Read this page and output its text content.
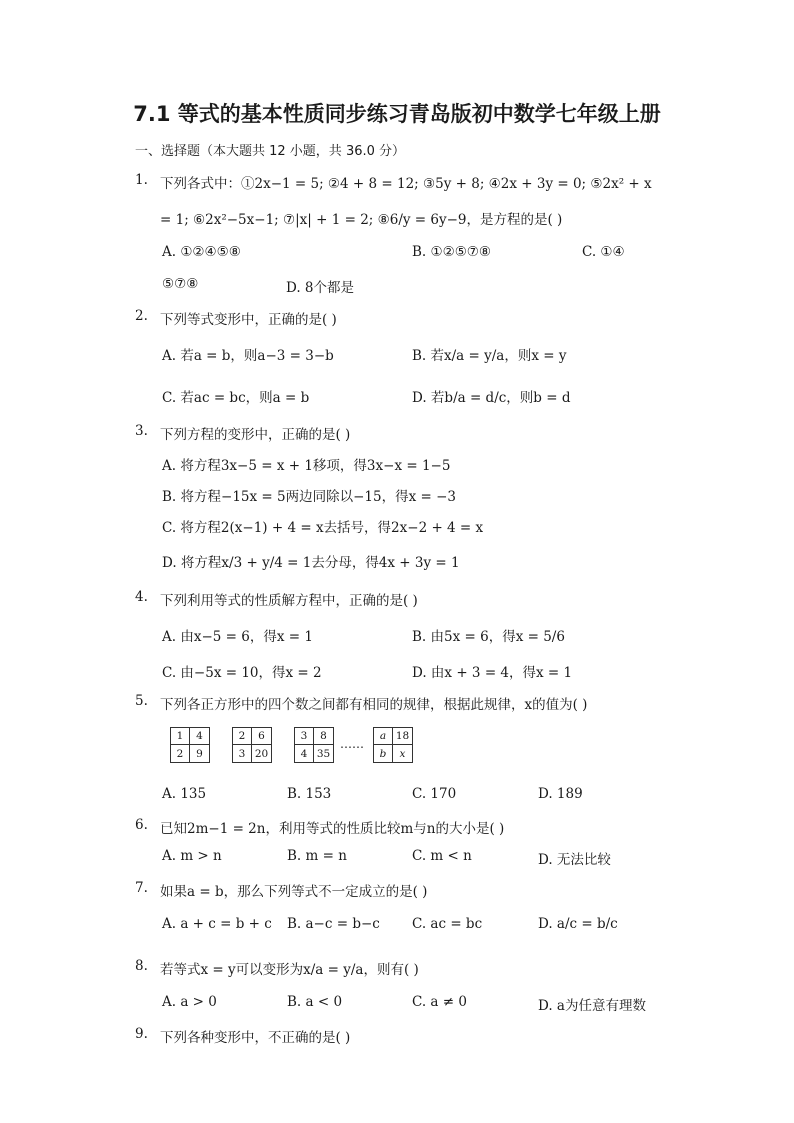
7.1 等式的基本性质同步练习青岛版初中数学七年级上册
一、选择题（本大题共 12 小题，共 36.0 分）
1. 下列各式中：①2x−1 = 5; ②4 + 8 = 12; ③5y + 8; ④2x + 3y = 0; ⑤2x² + x
= 1; ⑥2x²−5x−1; ⑦|x| + 1 = 2; ⑧6/y = 6y−9，是方程的是( )
A. ①②④⑤⑧	B. ①②⑤⑦⑧	C. ①④
⑤⑦⑧	D. 8个都是
2. 下列等式变形中，正确的是( )
A. 若a = b，则a−3 = 3−b	B. 若x/a = y/a，则x = y
C. 若ac = bc，则a = b	D. 若b/a = d/c，则b = d
3. 下列方程的变形中，正确的是( )
A. 将方程3x−5 = x + 1移项，得3x−x = 1−5
B. 将方程−15x = 5两边同除以−15，得x = −3
C. 将方程2(x−1) + 4 = x去括号，得2x−2 + 4 = x
D. 将方程x/3 + y/4 = 1去分母，得4x + 3y = 1
4. 下列利用等式的性质解方程中，正确的是( )
A. 由x−5 = 6，得x = 1	B. 由5x = 6，得x = 5/6
C. 由−5x = 10，得x = 2	D. 由x + 3 = 4，得x = 1
5. 下列各正方形中的四个数之间都有相同的规律，根据此规律，x的值为( )
1	4
2	9
2	6
3 20
3	8
4 35
……
a 18
b	x
A. 135	B. 153	C. 170	D. 189
6. 已知2m−1 = 2n，利用等式的性质比较m与n的大小是( )
A. m > n	B. m = n	C. m < n	D. 无法比较
7. 如果a = b，那么下列等式不一定成立的是( )
A. a + c = b + c B. a−c = b−c C. ac = bc	D. a/c = b/c
8. 若等式x = y可以变形为x/a = y/a，则有( )
A. a > 0	B. a < 0	C. a ≠ 0	D. a为任意有理数
9. 下列各种变形中，不正确的是( )
